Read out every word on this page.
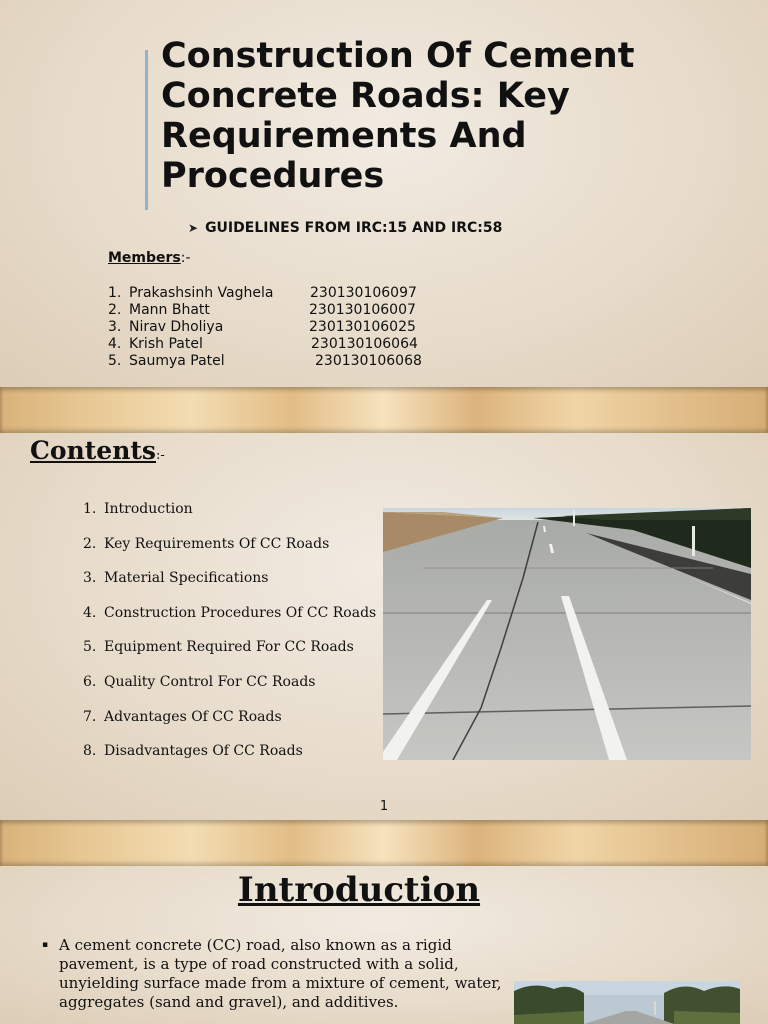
Construction Of Cement Concrete Roads: Key Requirements And Procedures
➤ GUIDELINES FROM IRC:15 AND IRC:58
Members:-
1. Prakashsinh Vaghela	230130106097
2. Mann Bhatt	230130106007
3. Nirav Dholiya	230130106025
4. Krish Patel	230130106064
5. Saumya Patel	230130106068
Contents:-
1. Introduction
2. Key Requirements Of CC Roads
3. Material Specifications
4. Construction Procedures Of CC Roads
5. Equipment Required For CC Roads
6. Quality Control For CC Roads
7. Advantages Of CC Roads
8. Disadvantages Of CC Roads
1
Introduction
▪ A cement concrete (CC) road, also known as a rigid pavement, is a type of road constructed with a solid, unyielding surface made from a mixture of cement, water, aggregates (sand and gravel), and additives.
